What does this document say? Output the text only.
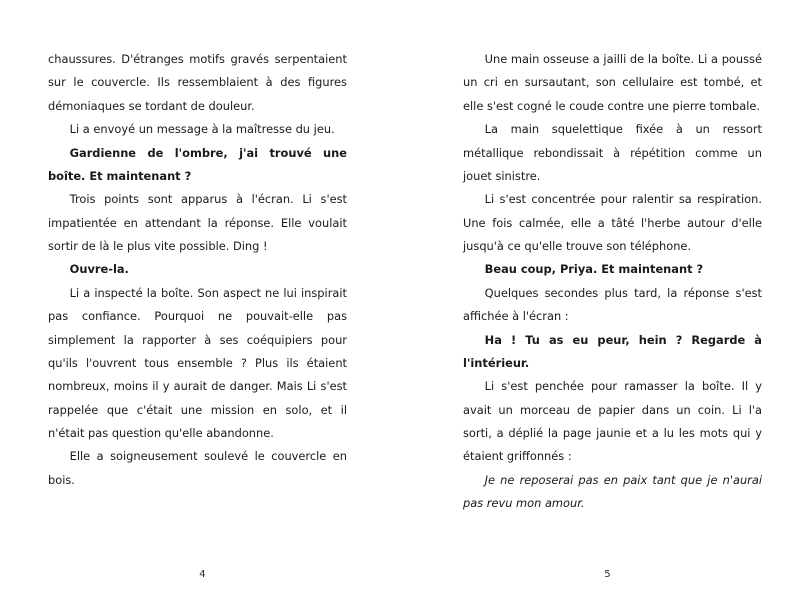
chaussures. D'étranges motifs gravés serpentaient sur le couvercle. Ils ressemblaient à des figures démoniaques se tordant de douleur.

Li a envoyé un message à la maîtresse du jeu.

Gardienne de l'ombre, j'ai trouvé une boîte. Et maintenant ?

Trois points sont apparus à l'écran. Li s'est impatientée en attendant la réponse. Elle voulait sortir de là le plus vite possible. Ding !

Ouvre-la.

Li a inspecté la boîte. Son aspect ne lui inspirait pas confiance. Pourquoi ne pouvait-elle pas simplement la rapporter à ses coéquipiers pour qu'ils l'ouvrent tous ensemble ? Plus ils étaient nombreux, moins il y aurait de danger. Mais Li s'est rappelée que c'était une mission en solo, et il n'était pas question qu'elle abandonne.

Elle a soigneusement soulevé le couvercle en bois.

4

Une main osseuse a jailli de la boîte. Li a poussé un cri en sursautant, son cellulaire est tombé, et elle s'est cogné le coude contre une pierre tombale.

La main squelettique fixée à un ressort métallique rebondissait à répétition comme un jouet sinistre.

Li s'est concentrée pour ralentir sa respiration. Une fois calmée, elle a tâté l'herbe autour d'elle jusqu'à ce qu'elle trouve son téléphone.

Beau coup, Priya. Et maintenant ?

Quelques secondes plus tard, la réponse s'est affichée à l'écran :

Ha ! Tu as eu peur, hein ? Regarde à l'intérieur.

Li s'est penchée pour ramasser la boîte. Il y avait un morceau de papier dans un coin. Li l'a sorti, a déplié la page jaunie et a lu les mots qui y étaient griffonnés :

Je ne reposerai pas en paix tant que je n'aurai pas revu mon amour.

5
